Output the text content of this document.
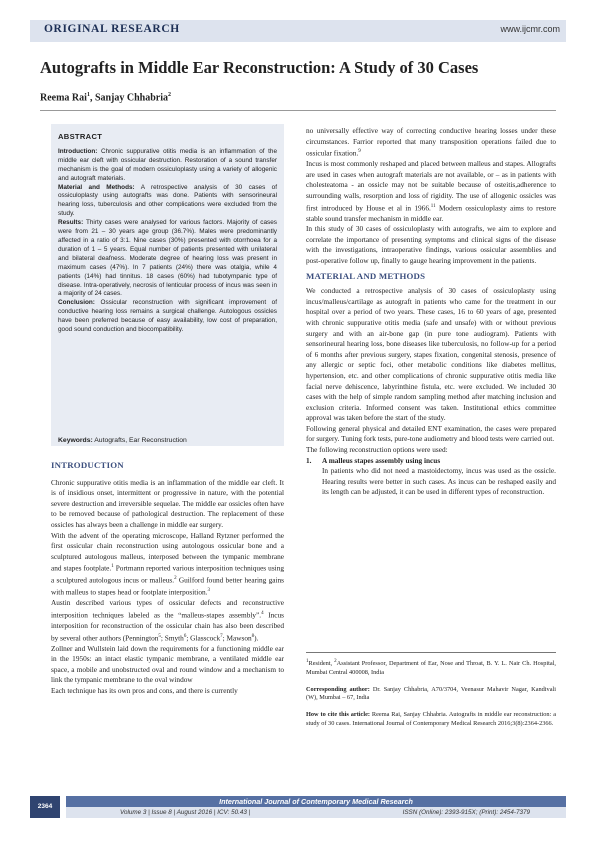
ORIGINAL RESEARCH	www.ijcmr.com
Autografts in Middle Ear Reconstruction: A Study of 30 Cases
Reema Rai$^1$, Sanjay Chhabria$^2$
ABSTRACT

Introduction: Chronic suppurative otitis media is an inflammation of the middle ear cleft with ossicular destruction. Restoration of a sound transfer mechanism is the goal of modern ossiculoplasty using a variety of allogenic and autograft materials.

Material and Methods: A retrospective analysis of 30 cases of ossiculoplasty using autografts was done. Patients with sensorineural hearing loss, tuberculosis and other complications were excluded from the study.

Results: Thirty cases were analysed for various factors. Majority of cases were from 21 – 30 years age group (36.7%). Males were predominantly affected in a ratio of 3:1. Nine cases (30%) presented with otorrhoea for a duration of 1 – 5 years. Equal number of patients presented with unilateral and bilateral deafness. Moderate degree of hearing loss was present in maximum cases (47%). In 7 patients (24%) there was otalgia, while 4 patients (14%) had tinnitus. 18 cases (60%) had tubotympanic type of disease. Intra-operatively, necrosis of lenticular process of incus was seen in a majority of 24 cases.

Conclusion: Ossicular reconstruction with significant improvement of conductive hearing loss remains a surgical challenge. Autologous ossicles have been preferred because of easy availability, low cost of preparation, good sound conduction and biocompatibility.

Keywords: Autografts, Ear Reconstruction
INTRODUCTION

Chronic suppurative otitis media is an inflammation of the middle ear cleft. It is of insidious onset, intermittent or progressive in nature, with the potential severe destruction and irreversible sequelae. The middle ear ossicles often have to be removed because of pathological destruction. The replacement of these ossicles has always been a challenge in middle ear surgery.

With the advent of the operating microscope, Halland Rytzner performed the first ossicular chain reconstruction using autologous ossicular bone and a sculptured autologous malleus, interposed between the tympanic membrane and stapes footplate.$^1$ Portmann reported various interposition techniques using a sculptured autologous incus or malleus.$^2$ Guilford found better hearing gains with malleus to stapes head or footplate interposition.$^3$

Austin described various types of ossicular defects and reconstructive interposition techniques labeled as the “malleus-stapes assembly”.$^4$ Incus interposition for reconstruction of the ossicular chain has also been described by several other authors (Pennington$^5$; Smyth$^6$; Glasscock$^7$; Mawson$^8$).

Zollner and Wullstein laid down the requirements for a functioning middle ear in the 1950s: an intact elastic tympanic membrane, a ventilated middle ear space, a mobile and unobstructed oval and round window and a mechanism to link the tympanic membrane to the oval window

Each technique has its own pros and cons, and there is currently

no universally effective way of correcting conductive hearing losses under these circumstances. Farrior reported that many transposition operations failed due to ossicular fixation.$^9$

Incus is most commonly reshaped and placed between malleus and stapes. Allografts are used in cases when autograft materials are not available, or – as in patients with cholesteatoma - an ossicle may not be suitable because of osteitis,adherence to surrounding walls, resorption and loss of rigidity. The use of allogenic ossicles was first introduced by House et al in 1966.11 Modern ossiculoplasty aims to restore stable sound transfer mechanism in middle ear.

In this study of 30 cases of ossiculoplasty with autografts, we aim to explore and correlate the importance of presenting symptoms and clinical signs of the disease with the investigations, intraoperative findings, various ossicular assemblies and post-operative follow up, finally to gauge hearing improvement in the patients.

MATERIAL AND METHODS

We conducted a retrospective analysis of 30 cases of ossiculoplasty using incus/malleus/cartilage as autograft in patients who came for the treatment in our hospital over a period of two years. These cases, 16 to 60 years of age, presented with chronic suppurative otitis media (safe and unsafe) with or without previous surgery and with an air-bone gap (in pure tone audiogram). Patients with sensorineural hearing loss, bone diseases like tuberculosis, no follow-up for a period of 6 months after previous surgery, stapes fixation, congenital stenosis, presence of any allergic or septic foci, other metabolic conditions like diabetes mellitus, hypertension, etc. and other complications of chronic suppurative otitis media like facial nerve dehiscence, labyrinthine fistula, etc. were excluded. We included 30 cases with the help of simple random sampling method after matching inclusion and exclusion criteria. Informed consent was taken. Institutional ethics committee approval was taken before the start of the study.

Following general physical and detailed ENT examination, the cases were prepared for surgery. Tuning fork tests, pure-tone audiometry and blood tests were carried out.

The following reconstruction options were used:

1. A malleus stapes assembly using incus

In patients who did not need a mastoidectomy, incus was used as the ossicle. Hearing results were better in such cases. As incus can be reshaped easily and its length can be adjusted, it can be used in different types of reconstruction.

$^1$Resident, $^2$Assistant Professor, Department of Ear, Nose and Throat, B. Y. L. Nair Ch. Hospital, Mumbai Central 400008, India

Corresponding author: Dr. Sanjay Chhabria, A70/3704, Veenasur Mahavir Nagar, Kandivali (W), Mumbai – 67, India

How to cite this article: Reema Rai, Sanjay Chhabria. Autografts in middle ear reconstruction: a study of 30 cases. International Journal of Contemporary Medical Research 2016;3(8):2364-2366.

2364
International Journal of Contemporary Medical Research
Volume 3 | Issue 8 | August 2016 | ICV: 50.43 |	ISSN (Online): 2393-915X; (Print): 2454-7379
